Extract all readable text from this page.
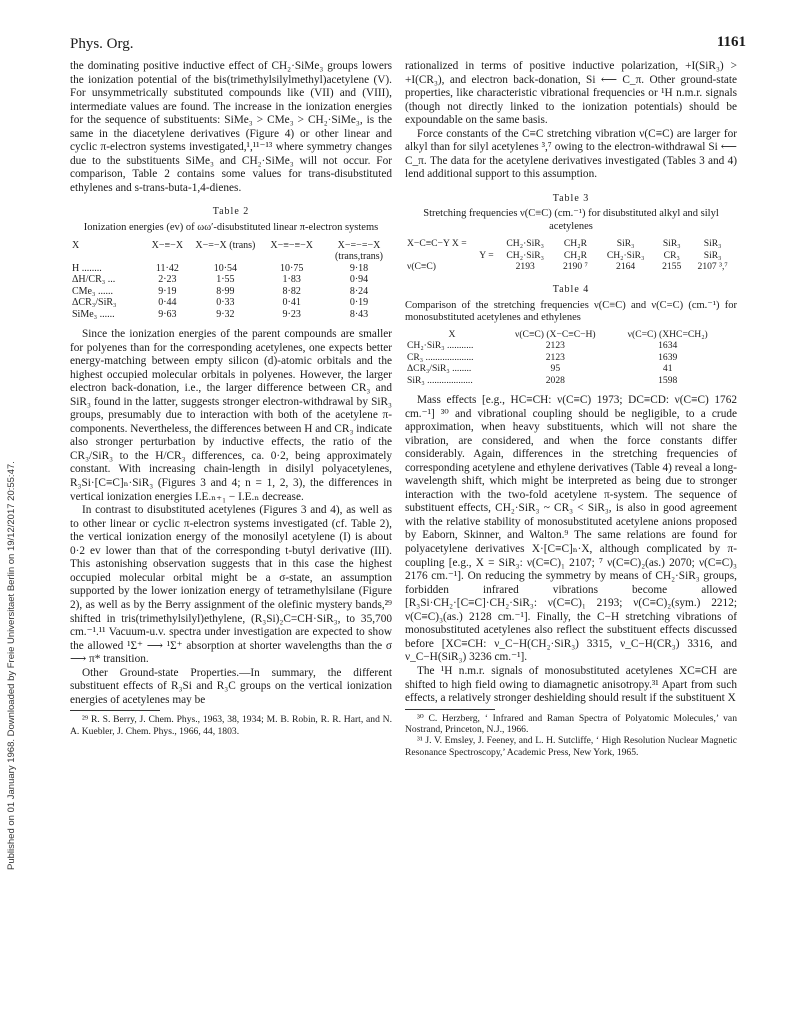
Phys. Org.	1161
Published on 01 January 1968. Downloaded by Freie Universitaet Berlin on 19/12/2017 20:55:47.

the dominating positive inductive effect of CH₂·SiMe₃ groups lowers the ionization potential of the bis(trimethylsilylmethyl)acetylene (V). For unsymmetrically substituted compounds like (VII) and (VIII), intermediate values are found. The increase in the ionization energies for the sequence of substituents: SiMe₃ > CMe₃ > CH₂·SiMe₃, is the same in the diacetylene derivatives (Figure 4) or other linear and cyclic π-electron systems investigated,¹,¹¹⁻¹³ where symmetry changes due to the substituents SiMe₃ and CH₂·SiMe₃ will not occur. For comparison, Table 2 contains some values for trans-disubstituted ethylenes and s-trans-buta-1,4-dienes.

Table 2
Ionization energies (ev) of ωω′-disubstituted linear π-electron systems
X	X−≡−X	X−=−X (trans)	X−≡−≡−X	X−=−=−X (trans,trans)
H ........	11·42	10·54	10·75	9·18
ΔH/CR₃ ...	2·23	1·55	1·83	0·94
CMe₃ ......	9·19	8·99	8·82	8·24
ΔCR₃/SiR₃	0·44	0·33	0·41	0·19
SiMe₃ ......	9·63	9·32	9·23	8·43

Since the ionization energies of the parent compounds are smaller for polyenes than for the corresponding acetylenes, one expects better energy-matching between empty silicon (d)-atomic orbitals and the highest occupied molecular orbitals in polyenes. However, the larger electron back-donation, i.e., the larger difference between CR₃ and SiR₃ found in the latter, suggests stronger electron-withdrawal by SiR₃ groups, presumably due to interaction with both of the acetylene π-components. Nevertheless, the differences between H and CR₃ indicate also stronger perturbation by inductive effects, the ratio of the CR₃/SiR₃ to the H/CR₃ differences, ca. 0·2, being approximately constant. With increasing chain-length in disilyl polyacetylenes, R₃Si·[C≡C]ₙ·SiR₃ (Figures 3 and 4; n = 1, 2, 3), the differences in vertical ionization energies I.E.ₙ₊₁ − I.E.ₙ decrease.

In contrast to disubstituted acetylenes (Figures 3 and 4), as well as to other linear or cyclic π-electron systems investigated (cf. Table 2), the vertical ionization energy of the monosilyl acetylene (I) is about 0·2 ev lower than that of the corresponding t-butyl derivative (III). This astonishing observation suggests that in this case the highest occupied molecular orbital might be a σ-state, an assumption supported by the lower ionization energy of tetramethylsilane (Figure 2), as well as by the Berry assignment of the olefinic mystery bands,²⁹ shifted in tris(trimethylsilyl)ethylene, (R₃Si)₂C=CH·SiR₃, to 35,700 cm.⁻¹.¹¹ Vacuum-u.v. spectra under investigation are expected to show the allowed ¹Σ⁺ ⟶ ¹Σ⁺ absorption at shorter wavelengths than the σ ⟶ π* transition.

Other Ground-state Properties.—In summary, the different substituent effects of R₃Si and R₃C groups on the vertical ionization energies of acetylenes may be

²⁹ R. S. Berry, J. Chem. Phys., 1963, 38, 1934; M. B. Robin, R. R. Hart, and N. A. Kuebler, J. Chem. Phys., 1966, 44, 1803.

rationalized in terms of positive inductive polarization, +I(SiR₃) > +I(CR₃), and electron back-donation, Si ⟵ C_π. Other ground-state properties, like characteristic vibrational frequencies or ¹H n.m.r. signals (though not directly linked to the ionization potentials) should be expoundable on the same basis.

Force constants of the C≡C stretching vibration ν(C≡C) are larger for alkyl than for silyl acetylenes ³,⁷ owing to the electron-withdrawal Si ⟵ C_π. The data for the acetylene derivatives investigated (Tables 3 and 4) lend additional support to this assumption.

Table 3
Stretching frequencies ν(C≡C) (cm.⁻¹) for disubstituted alkyl and silyl acetylenes
X−C≡C−Y X =	CH₂·SiR₃	CH₂R	SiR₃	SiR₃	SiR₃
Y =	CH₂·SiR₃	CH₂R	CH₂·SiR₃	CR₃	SiR₃
ν(C≡C)	2193	2190 ⁷	2164	2155	2107 ³,⁷
Table 4
Comparison of the stretching frequencies ν(C≡C) and ν(C=C) (cm.⁻¹) for monosubstituted acetylenes and ethylenes
X	ν(C≡C) (X−C≡C−H)	ν(C=C) (XHC=CH₂)
CH₂·SiR₃ ...........	2123	1634
CR₃ ....................	2123	1639
ΔCR₃/SiR₃ ........	95	41
SiR₃ ...................	2028	1598

Mass effects [e.g., HC≡CH: ν(C≡C) 1973; DC≡CD: ν(C≡C) 1762 cm.⁻¹] ³⁰ and vibrational coupling should be negligible, to a crude approximation, when heavy substituents, which will not share the vibration, are considered, and when the force constants differ considerably. Again, differences in the stretching frequencies of corresponding acetylene and ethylene derivatives (Table 4) reveal a long-wavelength shift, which might be interpreted as being due to stronger interaction with the two-fold acetylene π-system. The sequence of substituent effects, CH₂·SiR₃ ~ CR₃ < SiR₃, is also in good agreement with the relative stability of monosubstituted acetylene anions proposed by Eaborn, Skinner, and Walton.⁹ The same relations are found for polyacetylene derivatives X·[C≡C]ₙ·X, although complicated by π-coupling [e.g., X = SiR₃: ν(C≡C)₁ 2107; ⁷ ν(C≡C)₂(as.) 2070; ν(C≡C)₃ 2176 cm.⁻¹]. On reducing the symmetry by means of CH₂·SiR₃ groups, forbidden infrared vibrations become allowed [R₃Si·CH₂·[C≡C]·CH₂·SiR₃: ν(C≡C)₁ 2193; ν(C≡C)₂(sym.) 2212; ν(C≡C)₃(as.) 2128 cm.⁻¹]. Finally, the C−H stretching vibrations of monosubstituted acetylenes also reflect the substituent effects discussed before [XC≡CH: ν_C−H(CH₂·SiR₃) 3315, ν_C−H(CR₃) 3316, and ν_C−H(SiR₃) 3236 cm.⁻¹].

The ¹H n.m.r. signals of monosubstituted acetylenes XC≡CH are shifted to high field owing to diamagnetic anisotropy.³¹ Apart from such effects, a relatively stronger deshielding should result if the substituent X

³⁰ C. Herzberg, ‘ Infrared and Raman Spectra of Polyatomic Molecules,’ van Nostrand, Princeton, N.J., 1966.

³¹ J. V. Emsley, J. Feeney, and L. H. Sutcliffe, ‘ High Resolution Nuclear Magnetic Resonance Spectroscopy,’ Academic Press, New York, 1965.
